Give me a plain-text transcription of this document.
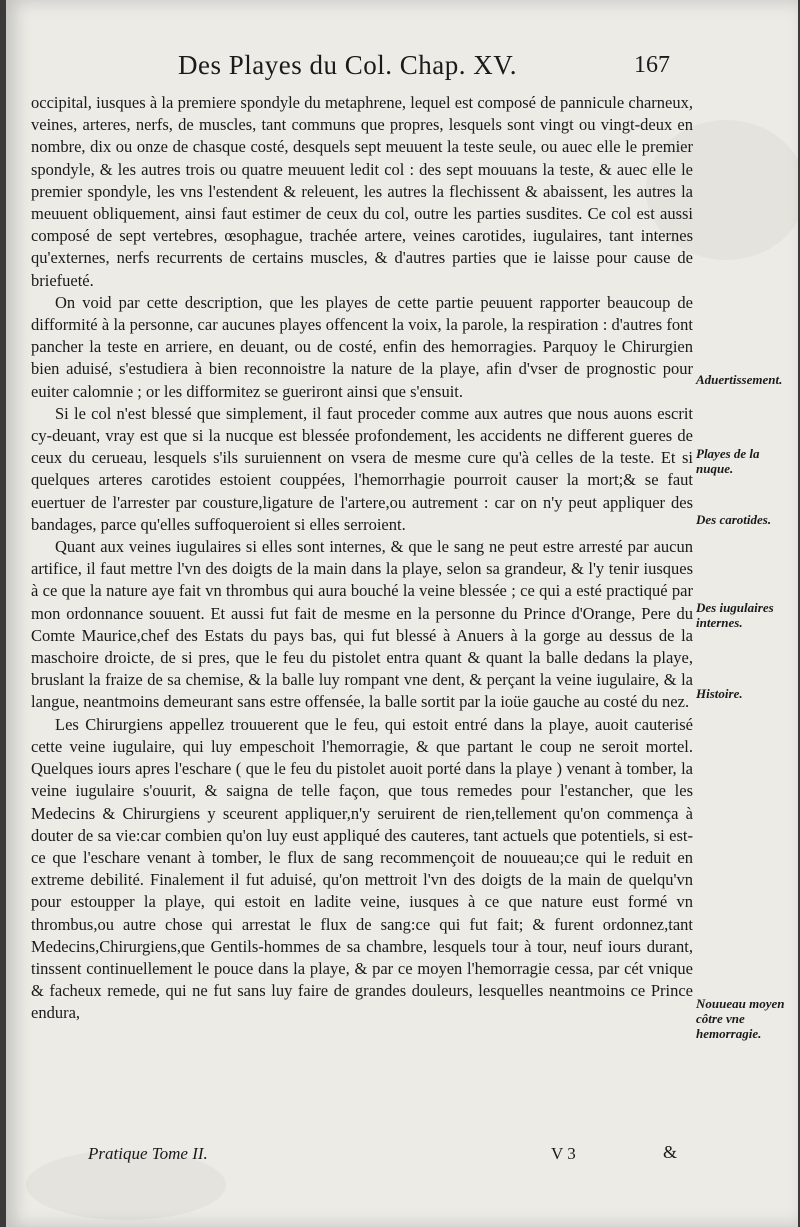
Des Playes du Col. Chap. XV.	167

occipital, iusques à la premiere spondyle du metaphrene, lequel est composé de pannicule charneux, veines, arteres, nerfs, de muscles, tant communs que propres, lesquels sont vingt ou vingt-deux en nombre, dix ou onze de chasque costé, desquels sept meuuent la teste seule, ou auec elle le premier spondyle, & les autres trois ou quatre meuuent ledit col : des sept mouuans la teste, & auec elle le premier spondyle, les vns l'estendent & releuent, les autres la flechissent & abaissent, les autres la meuuent obliquement, ainsi faut estimer de ceux du col, outre les parties susdites. Ce col est aussi composé de sept vertebres, œsophague, trachée artere, veines carotides, iugulaires, tant internes qu'externes, nerfs recurrents de certains muscles, & d'autres parties que ie laisse pour cause de briefueté.

On void par cette description, que les playes de cette partie peuuent rapporter beaucoup de difformité à la personne, car aucunes playes offencent la voix, la parole, la respiration : d'autres font pancher la teste en arriere, en deuant, ou de costé, enfin des hemorragies. Parquoy le Chirurgien bien aduisé, s'estudiera à bien reconnoistre la nature de la playe, afin d'vser de prognostic pour euiter calomnie ; or les difformitez se gueriront ainsi que s'ensuit.

Si le col n'est blessé que simplement, il faut proceder comme aux autres que nous auons escrit cy-deuant, vray est que si la nucque est blessée profondement, les accidents ne different gueres de ceux du cerueau, lesquels s'ils suruiennent on vsera de mesme cure qu'à celles de la teste. Et si quelques arteres carotides estoient couppées, l'hemorrhagie pourroit causer la mort;& se faut euertuer de l'arrester par cousture,ligature de l'artere,ou autrement : car on n'y peut appliquer des bandages, parce qu'elles suffoqueroient si elles serroient.

Quant aux veines iugulaires si elles sont internes, & que le sang ne peut estre arresté par aucun artifice, il faut mettre l'vn des doigts de la main dans la playe, selon sa grandeur, & l'y tenir iusques à ce que la nature aye fait vn thrombus qui aura bouché la veine blessée ; ce qui a esté practiqué par mon ordonnance souuent. Et aussi fut fait de mesme en la personne du Prince d'Orange, Pere du Comte Maurice,chef des Estats du pays bas, qui fut blessé à Anuers à la gorge au dessus de la maschoire droicte, de si pres, que le feu du pistolet entra quant & quant la balle dedans la playe, bruslant la fraize de sa chemise, & la balle luy rompant vne dent, & perçant la veine iugulaire, & la langue, neantmoins demeurant sans estre offensée, la balle sortit par la ioüe gauche au costé du nez.

Les Chirurgiens appellez trouuerent que le feu, qui estoit entré dans la playe, auoit cauterisé cette veine iugulaire, qui luy empeschoit l'hemorragie, & que partant le coup ne seroit mortel. Quelques iours apres l'eschare ( que le feu du pistolet auoit porté dans la playe ) venant à tomber, la veine iugulaire s'ouurit, & saigna de telle façon, que tous remedes pour l'estancher, que les Medecins & Chirurgiens y sceurent appliquer,n'y seruirent de rien,tellement qu'on commença à douter de sa vie:car combien qu'on luy eust appliqué des cauteres, tant actuels que potentiels, si est-ce que l'eschare venant à tomber, le flux de sang recommençoit de nouueau;ce qui le reduit en extreme debilité. Finalement il fut aduisé, qu'on mettroit l'vn des doigts de la main de quelqu'vn pour estoupper la playe, qui estoit en ladite veine, iusques à ce que nature eust formé vn thrombus,ou autre chose qui arrestat le flux de sang:ce qui fut fait; & furent ordonnez,tant Medecins,Chirurgiens,que Gentils-hommes de sa chambre, lesquels tour à tour, neuf iours durant, tinssent continuellement le pouce dans la playe, & par ce moyen l'hemorragie cessa, par cét vnique & facheux remede, qui ne fut sans luy faire de grandes douleurs, lesquelles neantmoins ce Prince endura,

Aduertissement.
Playes de la nuque.
Des carotides.
Des iugulaires internes.
Histoire.
Nouueau moyen côtre vne hemorragie.
Pratique Tome II.	V 3	&
